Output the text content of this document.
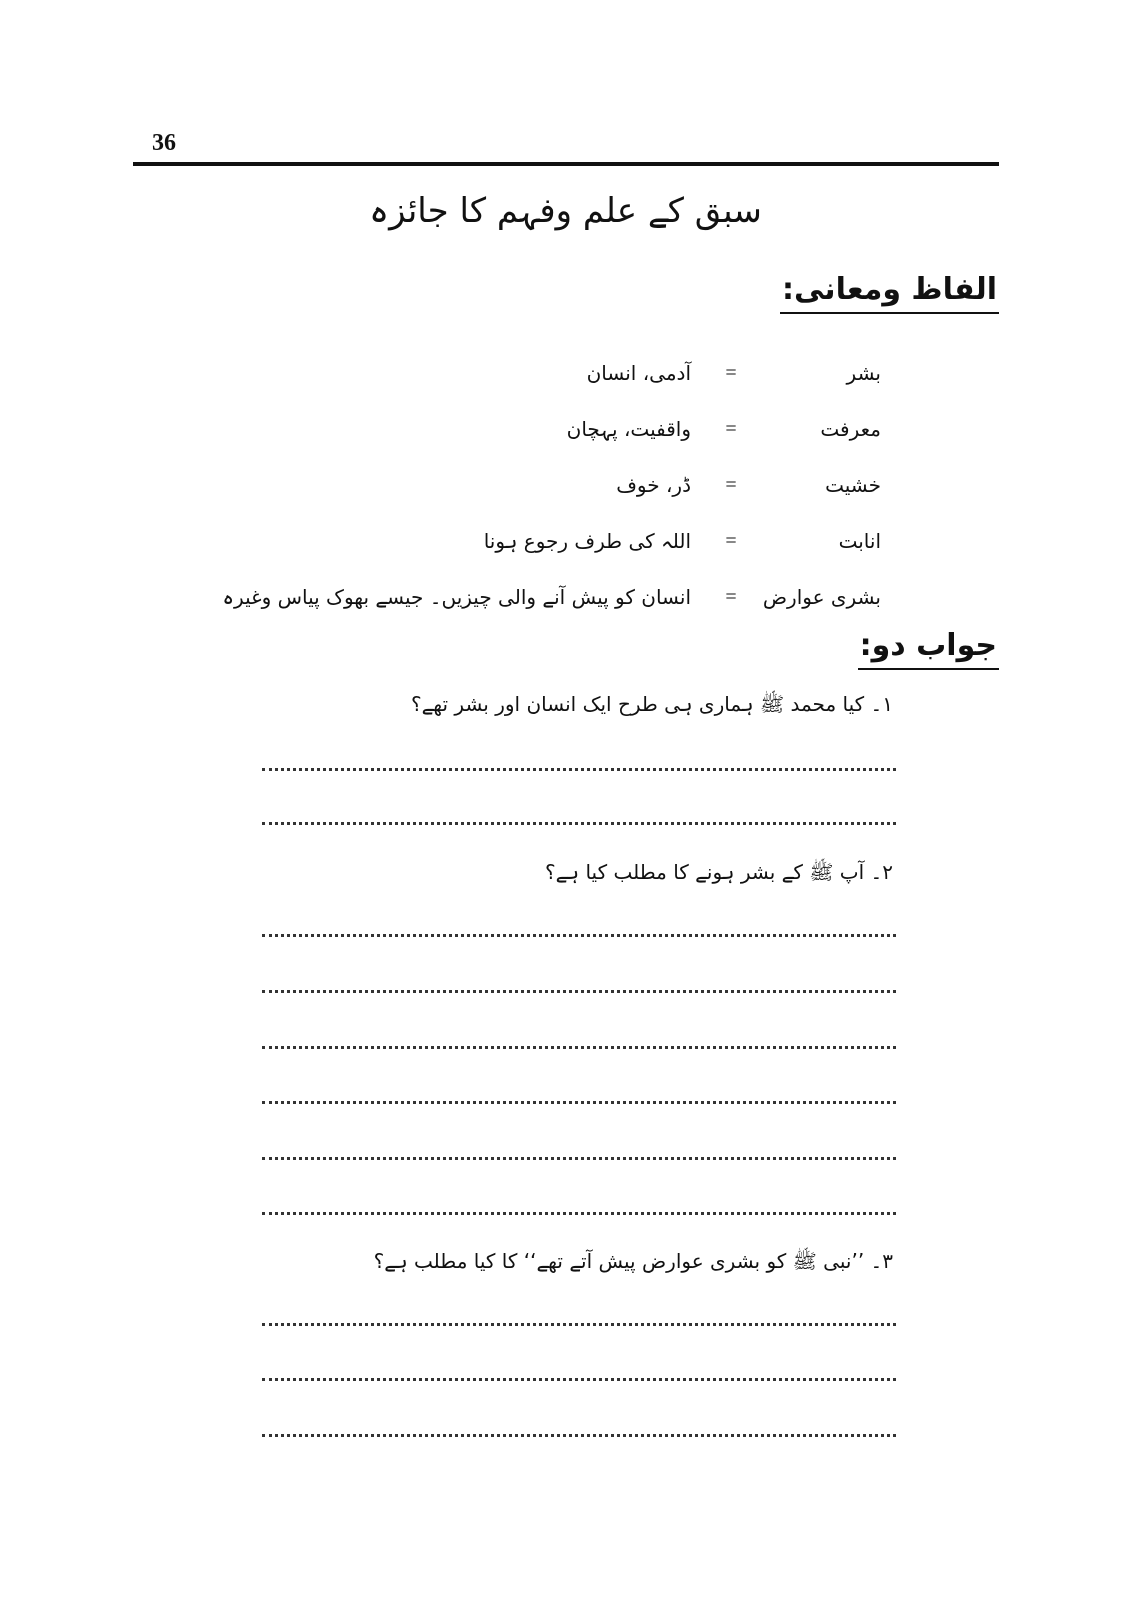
36
سبق کے علم وفہم کا جائزہ
الفاظ ومعانی:
بشر
=
آدمی، انسان
معرفت
=
واقفیت، پہچان
خشیت
=
ڈر، خوف
انابت
=
اللہ کی طرف رجوع ہونا
بشری عوارض
=
انسان کو پیش آنے والی چیزیں۔ جیسے بھوک پیاس وغیرہ
جواب دو:
۱۔ کیا محمد ﷺ ہماری ہی طرح ایک انسان اور بشر تھے؟
۲۔ آپ ﷺ کے بشر ہونے کا مطلب کیا ہے؟
۳۔ ’’نبی ﷺ کو بشری عوارض پیش آتے تھے‘‘ کا کیا مطلب ہے؟
